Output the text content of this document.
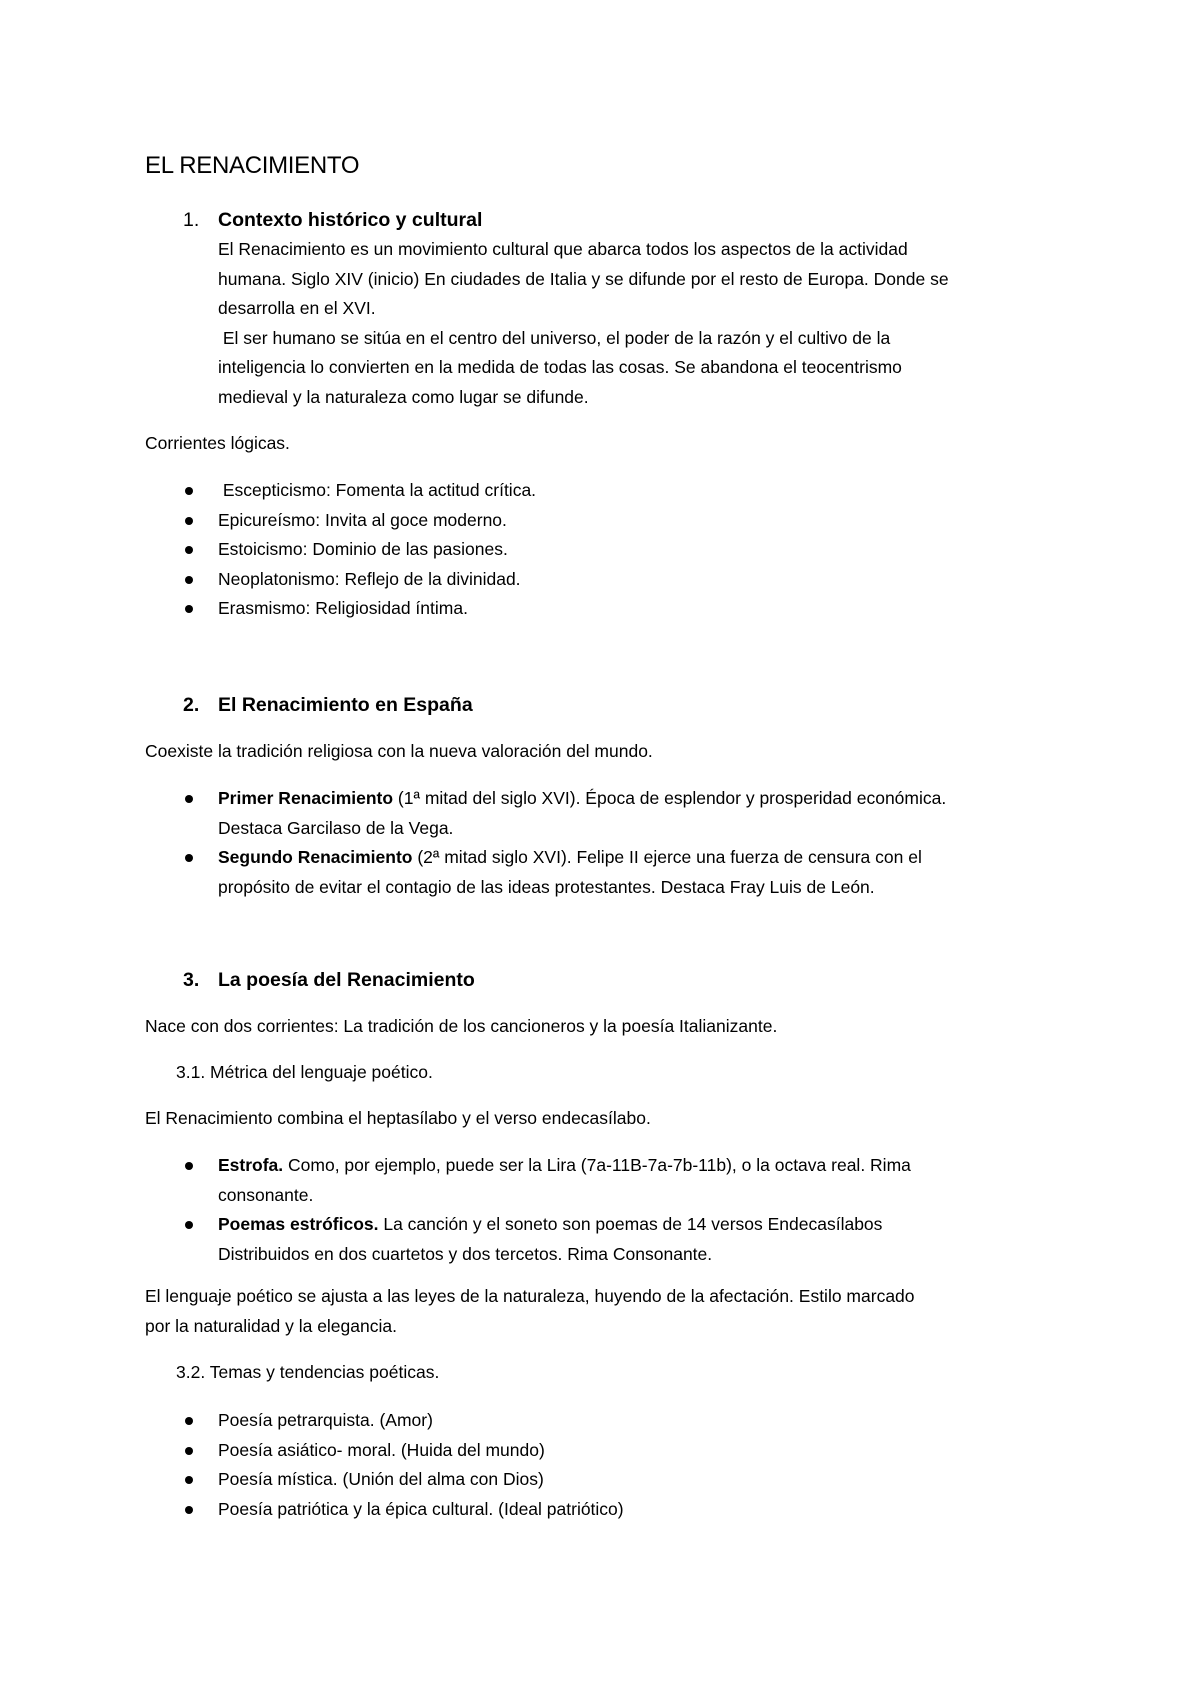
EL RENACIMIENTO
1. Contexto histórico y cultural
El Renacimiento es un movimiento cultural que abarca todos los aspectos de la actividad
humana. Siglo XIV (inicio) En ciudades de Italia y se difunde por el resto de Europa. Donde se
desarrolla en el XVI.
El ser humano se sitúa en el centro del universo, el poder de la razón y el cultivo de la
inteligencia lo convierten en la medida de todas las cosas. Se abandona el teocentrismo
medieval y la naturaleza como lugar se difunde.
Corrientes lógicas.
Escepticismo: Fomenta la actitud crítica.
Epicureísmo: Invita al goce moderno.
Estoicismo: Dominio de las pasiones.
Neoplatonismo: Reflejo de la divinidad.
Erasmismo: Religiosidad íntima.
2. El Renacimiento en España
Coexiste la tradición religiosa con la nueva valoración del mundo.
Primer Renacimiento (1ª mitad del siglo XVI). Época de esplendor y prosperidad económica.
Destaca Garcilaso de la Vega.
Segundo Renacimiento (2ª mitad siglo XVI). Felipe II ejerce una fuerza de censura con el
propósito de evitar el contagio de las ideas protestantes. Destaca Fray Luis de León.
3. La poesía del Renacimiento
Nace con dos corrientes: La tradición de los cancioneros y la poesía Italianizante.
3.1. Métrica del lenguaje poético.
El Renacimiento combina el heptasílabo y el verso endecasílabo.
Estrofa. Como, por ejemplo, puede ser la Lira (7a-11B-7a-7b-11b), o la octava real. Rima
consonante.
Poemas estróficos. La canción y el soneto son poemas de 14 versos Endecasílabos
Distribuidos en dos cuartetos y dos tercetos. Rima Consonante.
El lenguaje poético se ajusta a las leyes de la naturaleza, huyendo de la afectación. Estilo marcado
por la naturalidad y la elegancia.
3.2. Temas y tendencias poéticas.
Poesía petrarquista. (Amor)
Poesía asiático- moral. (Huida del mundo)
Poesía mística. (Unión del alma con Dios)
Poesía patriótica y la épica cultural. (Ideal patriótico)
